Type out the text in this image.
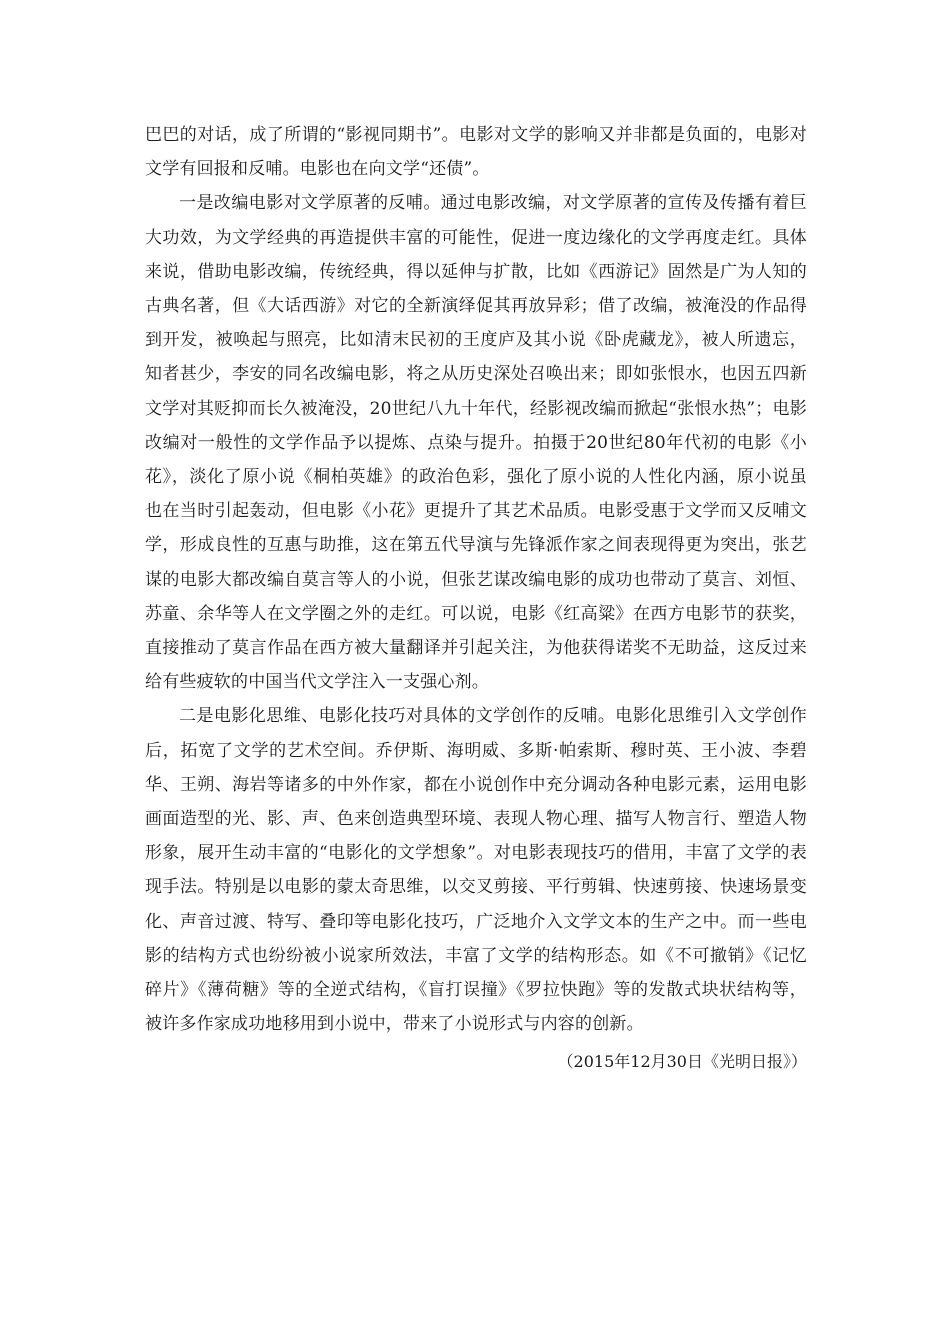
巴巴的对话，成了所谓的“影视同期书”。电影对文学的影响又并非都是负面的，电影对文学有回报和反哺。电影也在向文学“还债”。

一是改编电影对文学原著的反哺。通过电影改编，对文学原著的宣传及传播有着巨大功效，为文学经典的再造提供丰富的可能性，促进一度边缘化的文学再度走红。具体来说，借助电影改编，传统经典，得以延伸与扩散，比如《西游记》固然是广为人知的古典名著，但《大话西游》对它的全新演绎促其再放异彩；借了改编，被淹没的作品得到开发，被唤起与照亮，比如清末民初的王度庐及其小说《卧虎藏龙》，被人所遗忘，知者甚少，李安的同名改编电影，将之从历史深处召唤出来；即如张恨水，也因五四新文学对其贬抑而长久被淹没，20世纪八九十年代，经影视改编而掀起“张恨水热”；电影改编对一般性的文学作品予以提炼、点染与提升。拍摄于20世纪80年代初的电影《小花》，淡化了原小说《桐柏英雄》的政治色彩，强化了原小说的人性化内涵，原小说虽也在当时引起轰动，但电影《小花》更提升了其艺术品质。电影受惠于文学而又反哺文学，形成良性的互惠与助推，这在第五代导演与先锋派作家之间表现得更为突出，张艺谋的电影大都改编自莫言等人的小说，但张艺谋改编电影的成功也带动了莫言、刘恒、苏童、余华等人在文学圈之外的走红。可以说，电影《红高粱》在西方电影节的获奖，直接推动了莫言作品在西方被大量翻译并引起关注，为他获得诺奖不无助益，这反过来给有些疲软的中国当代文学注入一支强心剂。

二是电影化思维、电影化技巧对具体的文学创作的反哺。电影化思维引入文学创作后，拓宽了文学的艺术空间。乔伊斯、海明威、多斯·帕索斯、穆时英、王小波、李碧华、王朔、海岩等诸多的中外作家，都在小说创作中充分调动各种电影元素，运用电影画面造型的光、影、声、色来创造典型环境、表现人物心理、描写人物言行、塑造人物形象，展开生动丰富的“电影化的文学想象”。对电影表现技巧的借用，丰富了文学的表现手法。特别是以电影的蒙太奇思维，以交叉剪接、平行剪辑、快速剪接、快速场景变化、声音过渡、特写、叠印等电影化技巧，广泛地介入文学文本的生产之中。而一些电影的结构方式也纷纷被小说家所效法，丰富了文学的结构形态。如《不可撤销》《记忆碎片》《薄荷糖》等的全逆式结构，《盲打误撞》《罗拉快跑》等的发散式块状结构等，被许多作家成功地移用到小说中，带来了小说形式与内容的创新。

（2015年12月30日《光明日报》）
